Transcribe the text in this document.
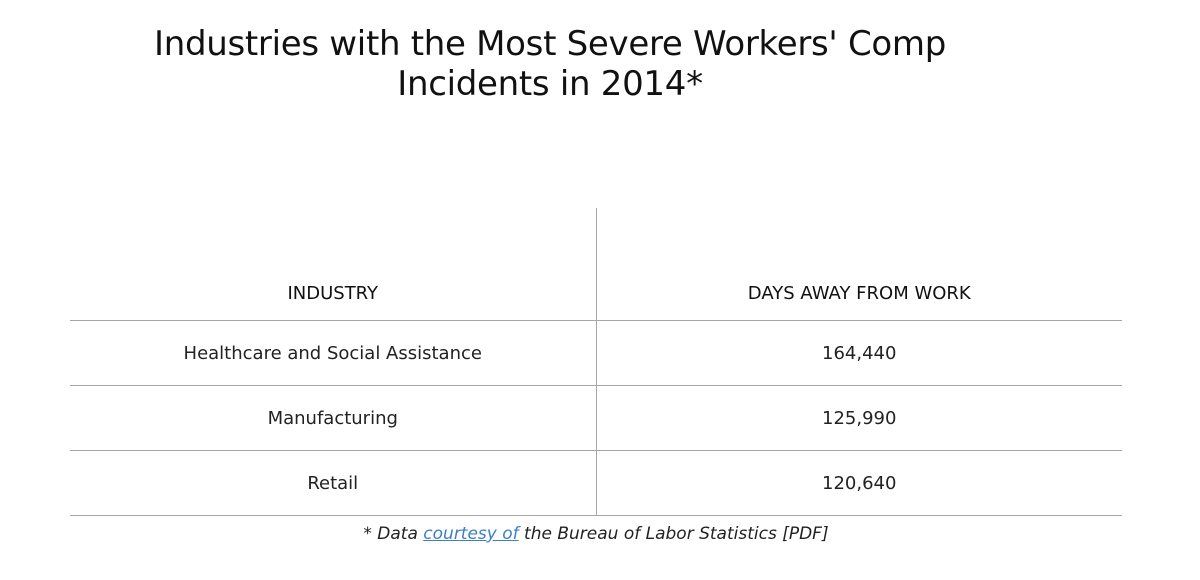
Industries with the Most Severe Workers' Comp
Incidents in 2014*
INDUSTRY	DAYS AWAY FROM WORK
Healthcare and Social Assistance	164,440
Manufacturing	125,990
Retail	120,640

* Data courtesy of the Bureau of Labor Statistics [PDF]
